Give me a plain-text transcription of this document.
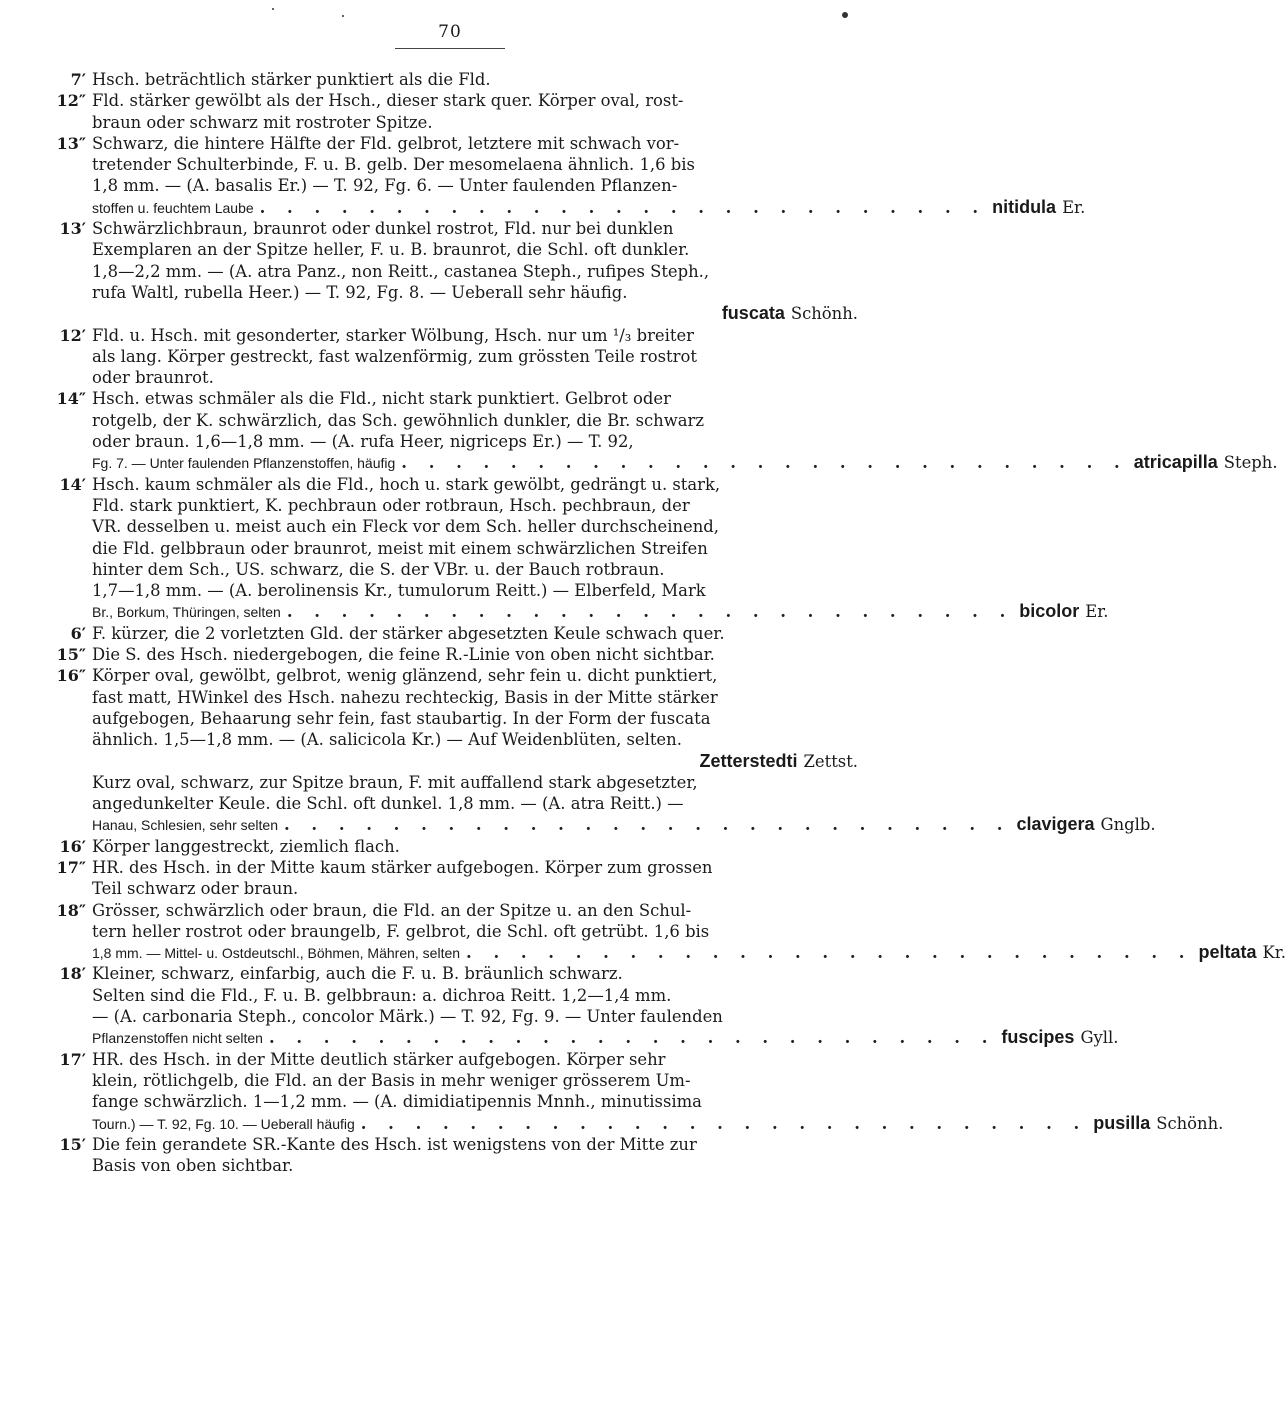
70
7′ Hsch. beträchtlich stärker punktiert als die Fld.
12″ Fld. stärker gewölbt als der Hsch., dieser stark quer. Körper oval, rost-
braun oder schwarz mit rostroter Spitze.
13″ Schwarz, die hintere Hälfte der Fld. gelbrot, letztere mit schwach vor-
tretender Schulterbinde, F. u. B. gelb. Der mesomelaena ähnlich. 1,6 bis
1,8 mm. — (A. basalis Er.) — T. 92, Fg. 6. — Unter faulenden Pflanzen-
stoffen u. feuchtem Laube . . . . . . . . . . . . . . . . . . . . . . . . . . . nitidula Er.
13′ Schwärzlichbraun, braunrot oder dunkel rostrot, Fld. nur bei dunklen
Exemplaren an der Spitze heller, F. u. B. braunrot, die Schl. oft dunkler.
1,8—2,2 mm. — (A. atra Panz., non Reitt., castanea Steph., rufipes Steph.,
rufa Waltl, rubella Heer.) — T. 92, Fg. 8. — Ueberall sehr häufig.
fuscata Schönh.
12′ Fld. u. Hsch. mit gesonderter, starker Wölbung, Hsch. nur um ¹/₃ breiter
als lang. Körper gestreckt, fast walzenförmig, zum grössten Teile rostrot
oder braunrot.
14″ Hsch. etwas schmäler als die Fld., nicht stark punktiert. Gelbrot oder
rotgelb, der K. schwärzlich, das Sch. gewöhnlich dunkler, die Br. schwarz
oder braun. 1,6—1,8 mm. — (A. rufa Heer, nigriceps Er.) — T. 92,
Fg. 7. — Unter faulenden Pflanzenstoffen, häufig . . . . . . . . . . . . . . . . . . . . . . . . . . . atricapilla Steph.
14′ Hsch. kaum schmäler als die Fld., hoch u. stark gewölbt, gedrängt u. stark,
Fld. stark punktiert, K. pechbraun oder rotbraun, Hsch. pechbraun, der
VR. desselben u. meist auch ein Fleck vor dem Sch. heller durchscheinend,
die Fld. gelbbraun oder braunrot, meist mit einem schwärzlichen Streifen
hinter dem Sch., US. schwarz, die S. der VBr. u. der Bauch rotbraun.
1,7—1,8 mm. — (A. berolinensis Kr., tumulorum Reitt.) — Elberfeld, Mark
Br., Borkum, Thüringen, selten . . . . . . . . . . . . . . . . . . . . . . . . . . . bicolor Er.
6′ F. kürzer, die 2 vorletzten Gld. der stärker abgesetzten Keule schwach quer.
15″ Die S. des Hsch. niedergebogen, die feine R.-Linie von oben nicht sichtbar.
16″ Körper oval, gewölbt, gelbrot, wenig glänzend, sehr fein u. dicht punktiert,
fast matt, HWinkel des Hsch. nahezu rechteckig, Basis in der Mitte stärker
aufgebogen, Behaarung sehr fein, fast staubartig. In der Form der fuscata
ähnlich. 1,5—1,8 mm. — (A. salicicola Kr.) — Auf Weidenblüten, selten.
Zetterstedti Zettst.
Kurz oval, schwarz, zur Spitze braun, F. mit auffallend stark abgesetzter,
angedunkelter Keule. die Schl. oft dunkel. 1,8 mm. — (A. atra Reitt.) —
Hanau, Schlesien, sehr selten . . . . . . . . . . . . . . . . . . . . . . . . . . . clavigera Gnglb.
16′ Körper langgestreckt, ziemlich flach.
17″ HR. des Hsch. in der Mitte kaum stärker aufgebogen. Körper zum grossen
Teil schwarz oder braun.
18″ Grösser, schwärzlich oder braun, die Fld. an der Spitze u. an den Schul-
tern heller rostrot oder braungelb, F. gelbrot, die Schl. oft getrübt. 1,6 bis
1,8 mm. — Mittel- u. Ostdeutschl., Böhmen, Mähren, selten . . . . . . . . . . . . . . . . . . . . . . . . . . . peltata Kr.
18′ Kleiner, schwarz, einfarbig, auch die F. u. B. bräunlich schwarz.
Selten sind die Fld., F. u. B. gelbbraun: a. dichroa Reitt. 1,2—1,4 mm.
— (A. carbonaria Steph., concolor Märk.) — T. 92, Fg. 9. — Unter faulenden
Pflanzenstoffen nicht selten . . . . . . . . . . . . . . . . . . . . . . . . . . . fuscipes Gyll.
17′ HR. des Hsch. in der Mitte deutlich stärker aufgebogen. Körper sehr
klein, rötlichgelb, die Fld. an der Basis in mehr weniger grösserem Um-
fange schwärzlich. 1—1,2 mm. — (A. dimidiatipennis Mnnh., minutissima
Tourn.) — T. 92, Fg. 10. — Ueberall häufig . . . . . . . . . . . . . . . . . . . . . . . . . . . pusilla Schönh.
15′ Die fein gerandete SR.-Kante des Hsch. ist wenigstens von der Mitte zur
Basis von oben sichtbar.
